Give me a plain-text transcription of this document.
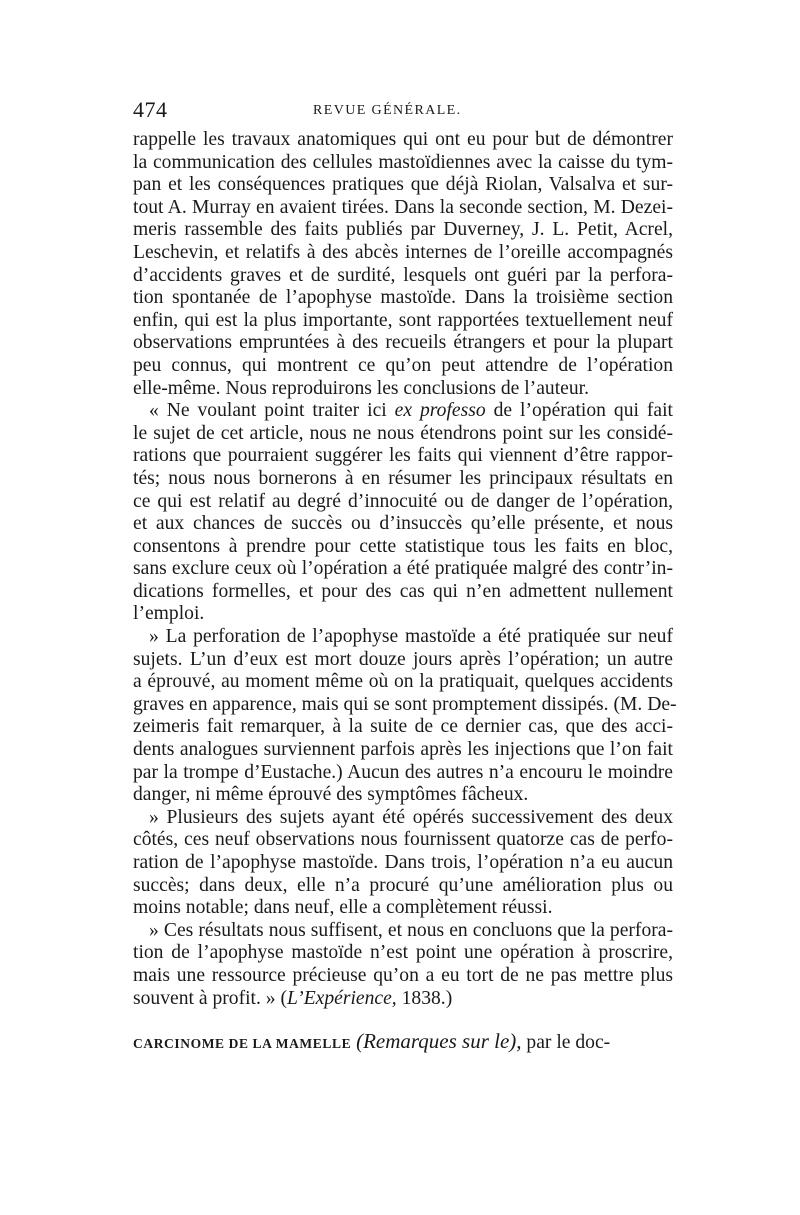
474	REVUE GÉNÉRALE.
rappelle les travaux anatomiques qui ont eu pour but de démontrer
la communication des cellules mastoïdiennes avec la caisse du tym-
pan et les conséquences pratiques que déjà Riolan, Valsalva et sur-
tout A. Murray en avaient tirées. Dans la seconde section, M. Dezei-
meris rassemble des faits publiés par Duverney, J. L. Petit, Acrel,
Leschevin, et relatifs à des abcès internes de l’oreille accompagnés
d’accidents graves et de surdité, lesquels ont guéri par la perfora-
tion spontanée de l’apophyse mastoïde. Dans la troisième section
enfin, qui est la plus importante, sont rapportées textuellement neuf
observations empruntées à des recueils étrangers et pour la plupart
peu connus, qui montrent ce qu’on peut attendre de l’opération
elle-même. Nous reproduirons les conclusions de l’auteur.
« Ne voulant point traiter ici ex professo de l’opération qui fait
le sujet de cet article, nous ne nous étendrons point sur les considé-
rations que pourraient suggérer les faits qui viennent d’être rappor-
tés; nous nous bornerons à en résumer les principaux résultats en
ce qui est relatif au degré d’innocuité ou de danger de l’opération,
et aux chances de succès ou d’insuccès qu’elle présente, et nous
consentons à prendre pour cette statistique tous les faits en bloc,
sans exclure ceux où l’opération a été pratiquée malgré des contr’in-
dications formelles, et pour des cas qui n’en admettent nullement
l’emploi.
» La perforation de l’apophyse mastoïde a été pratiquée sur neuf
sujets. L’un d’eux est mort douze jours après l’opération; un autre
a éprouvé, au moment même où on la pratiquait, quelques accidents
graves en apparence, mais qui se sont promptement dissipés. (M. De-
zeimeris fait remarquer, à la suite de ce dernier cas, que des acci-
dents analogues surviennent parfois après les injections que l’on fait
par la trompe d’Eustache.) Aucun des autres n’a encouru le moindre
danger, ni même éprouvé des symptômes fâcheux.
» Plusieurs des sujets ayant été opérés successivement des deux
côtés, ces neuf observations nous fournissent quatorze cas de perfo-
ration de l’apophyse mastoïde. Dans trois, l’opération n’a eu aucun
succès; dans deux, elle n’a procuré qu’une amélioration plus ou
moins notable; dans neuf, elle a complètement réussi.
» Ces résultats nous suffisent, et nous en concluons que la perfora-
tion de l’apophyse mastoïde n’est point une opération à proscrire,
mais une ressource précieuse qu’on a eu tort de ne pas mettre plus
souvent à profit. » (L’Expérience, 1838.)
CARCINOME DE LA MAMELLE (Remarques sur le), par le doc-
